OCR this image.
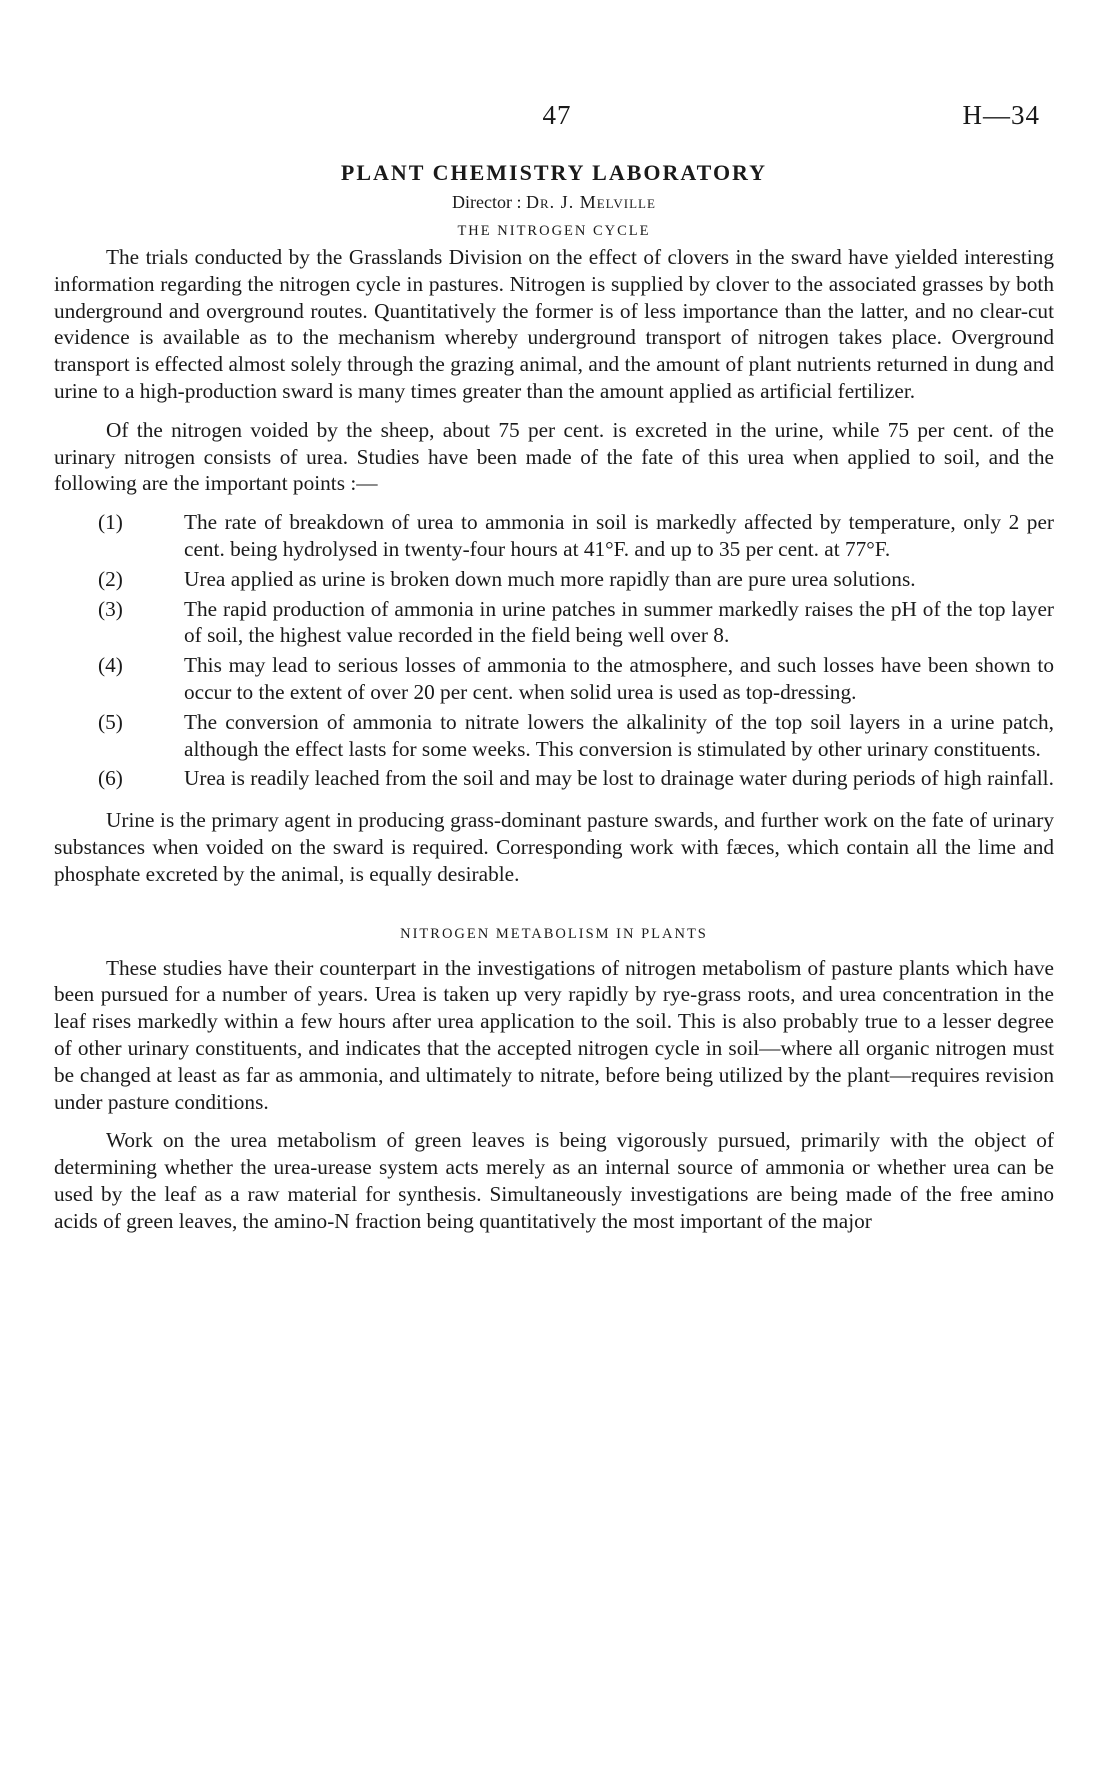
47	H—34
PLANT CHEMISTRY LABORATORY
Director : Dr. J. Melville
THE NITROGEN CYCLE

The trials conducted by the Grasslands Division on the effect of clovers in the sward have yielded interesting information regarding the nitrogen cycle in pastures. Nitrogen is supplied by clover to the associated grasses by both underground and overground routes. Quantitatively the former is of less importance than the latter, and no clear-cut evidence is available as to the mechanism whereby underground transport of nitrogen takes place. Overground transport is effected almost solely through the grazing animal, and the amount of plant nutrients returned in dung and urine to a high-production sward is many times greater than the amount applied as artificial fertilizer.

Of the nitrogen voided by the sheep, about 75 per cent. is excreted in the urine, while 75 per cent. of the urinary nitrogen consists of urea. Studies have been made of the fate of this urea when applied to soil, and the following are the important points :—

(1)	The rate of breakdown of urea to ammonia in soil is markedly affected by temperature, only 2 per cent. being hydrolysed in twenty-four hours at 41°F. and up to 35 per cent. at 77°F.
(2)	Urea applied as urine is broken down much more rapidly than are pure urea solutions.
(3)	The rapid production of ammonia in urine patches in summer markedly raises the pH of the top layer of soil, the highest value recorded in the field being well over 8.
(4)	This may lead to serious losses of ammonia to the atmosphere, and such losses have been shown to occur to the extent of over 20 per cent. when solid urea is used as top-dressing.
(5)	The conversion of ammonia to nitrate lowers the alkalinity of the top soil layers in a urine patch, although the effect lasts for some weeks. This conversion is stimulated by other urinary constituents.
(6)	Urea is readily leached from the soil and may be lost to drainage water during periods of high rainfall.

Urine is the primary agent in producing grass-dominant pasture swards, and further work on the fate of urinary substances when voided on the sward is required. Corresponding work with fæces, which contain all the lime and phosphate excreted by the animal, is equally desirable.

NITROGEN METABOLISM IN PLANTS

These studies have their counterpart in the investigations of nitrogen metabolism of pasture plants which have been pursued for a number of years. Urea is taken up very rapidly by rye-grass roots, and urea concentration in the leaf rises markedly within a few hours after urea application to the soil. This is also probably true to a lesser degree of other urinary constituents, and indicates that the accepted nitrogen cycle in soil—where all organic nitrogen must be changed at least as far as ammonia, and ultimately to nitrate, before being utilized by the plant—requires revision under pasture conditions.

Work on the urea metabolism of green leaves is being vigorously pursued, primarily with the object of determining whether the urea-urease system acts merely as an internal source of ammonia or whether urea can be used by the leaf as a raw material for synthesis. Simultaneously investigations are being made of the free amino acids of green leaves, the amino-N fraction being quantitatively the most important of the major
